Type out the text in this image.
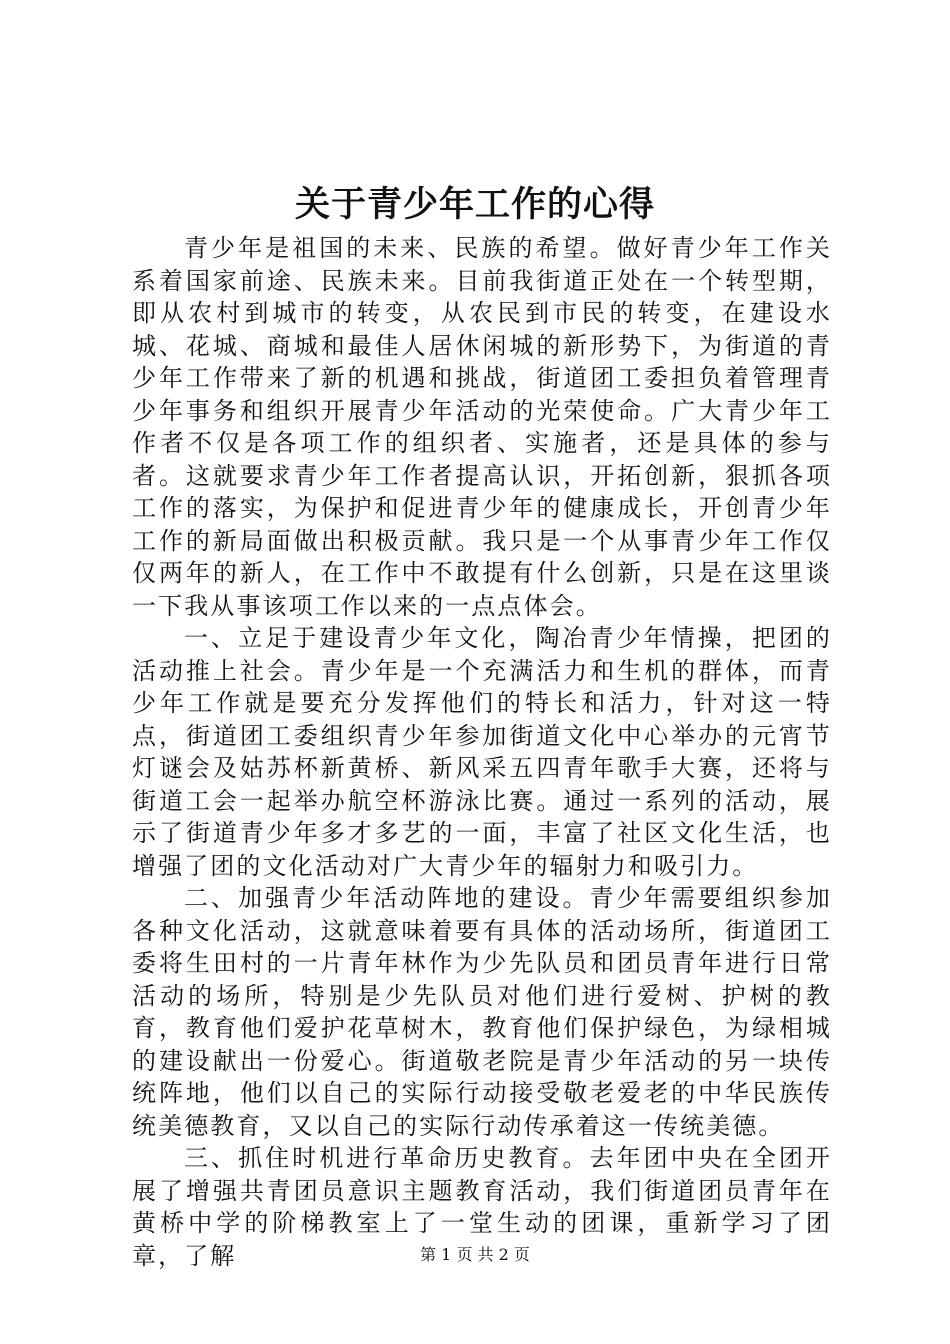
关于青少年工作的心得

青少年是祖国的未来、民族的希望。做好青少年工作关系着国家前途、民族未来。目前我街道正处在一个转型期，即从农村到城市的转变，从农民到市民的转变，在建设水城、花城、商城和最佳人居休闲城的新形势下，为街道的青少年工作带来了新的机遇和挑战，街道团工委担负着管理青少年事务和组织开展青少年活动的光荣使命。广大青少年工作者不仅是各项工作的组织者、实施者，还是具体的参与者。这就要求青少年工作者提高认识，开拓创新，狠抓各项工作的落实，为保护和促进青少年的健康成长，开创青少年工作的新局面做出积极贡献。我只是一个从事青少年工作仅仅两年的新人，在工作中不敢提有什么创新，只是在这里谈一下我从事该项工作以来的一点点体会。

一、立足于建设青少年文化，陶冶青少年情操，把团的活动推上社会。青少年是一个充满活力和生机的群体，而青少年工作就是要充分发挥他们的特长和活力，针对这一特点，街道团工委组织青少年参加街道文化中心举办的元宵节灯谜会及姑苏杯新黄桥、新风采五四青年歌手大赛，还将与街道工会一起举办航空杯游泳比赛。通过一系列的活动，展示了街道青少年多才多艺的一面，丰富了社区文化生活，也增强了团的文化活动对广大青少年的辐射力和吸引力。

二、加强青少年活动阵地的建设。青少年需要组织参加各种文化活动，这就意味着要有具体的活动场所，街道团工委将生田村的一片青年林作为少先队员和团员青年进行日常活动的场所，特别是少先队员对他们进行爱树、护树的教育，教育他们爱护花草树木，教育他们保护绿色，为绿相城的建设献出一份爱心。街道敬老院是青少年活动的另一块传统阵地，他们以自己的实际行动接受敬老爱老的中华民族传统美德教育，又以自己的实际行动传承着这一传统美德。

三、抓住时机进行革命历史教育。去年团中央在全团开展了增强共青团员意识主题教育活动，我们街道团员青年在黄桥中学的阶梯教室上了一堂生动的团课，重新学习了团章，了解	第 1 页 共 2 页
